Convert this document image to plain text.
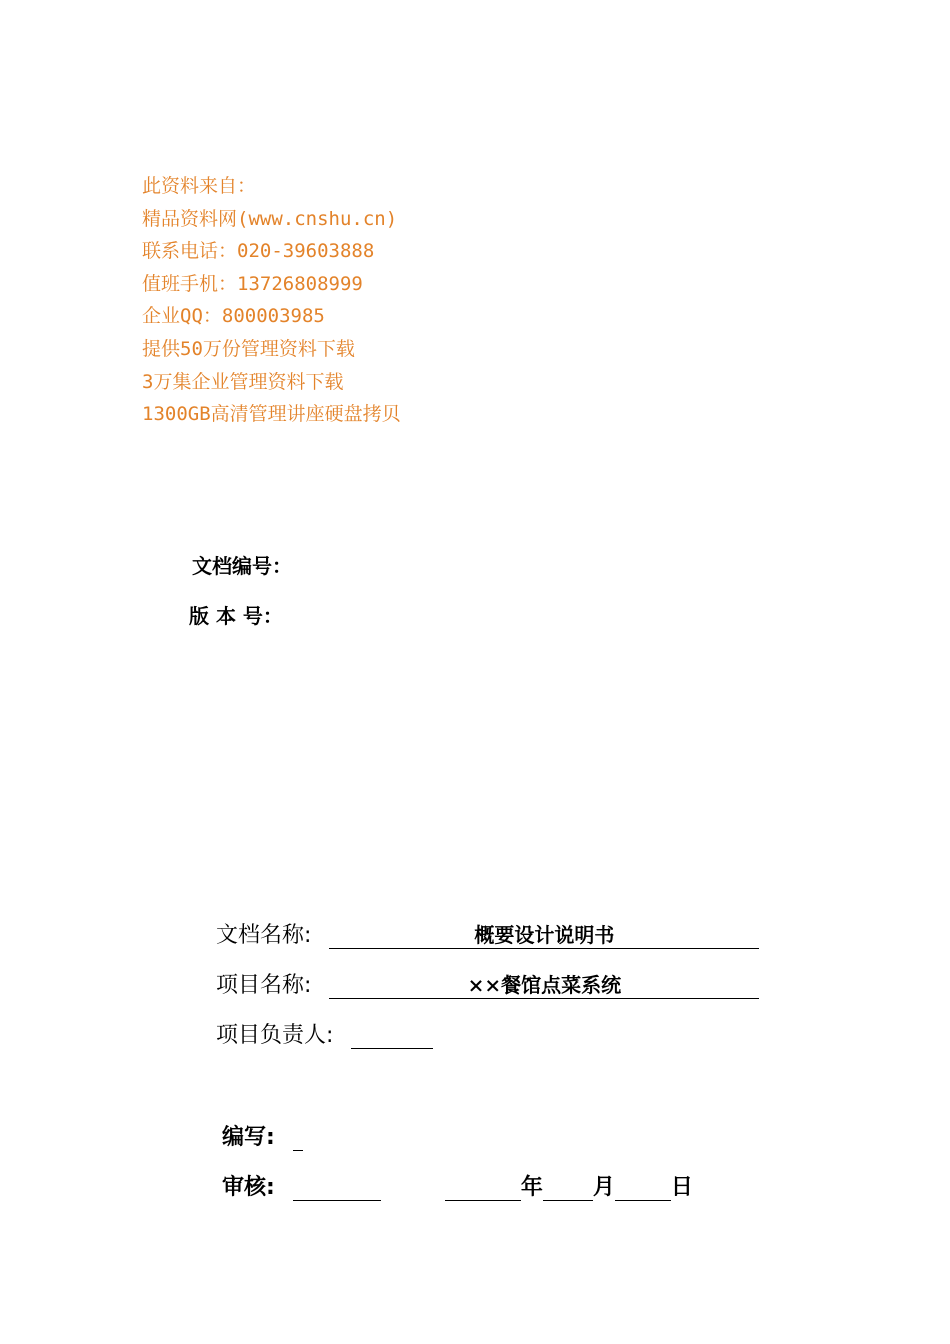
此资料来自：
精品资料网(www.cnshu.cn)
联系电话：020-39603888
值班手机：13726808999
企业QQ：800003985
提供50万份管理资料下载
3万集企业管理资料下载
1300GB高清管理讲座硬盘拷贝
文档编号：
版 本 号：
文档名称:	概要设计说明书
项目名称:	××餐馆点菜系统
项目负责人:
编写:
审核:	年 月	日
